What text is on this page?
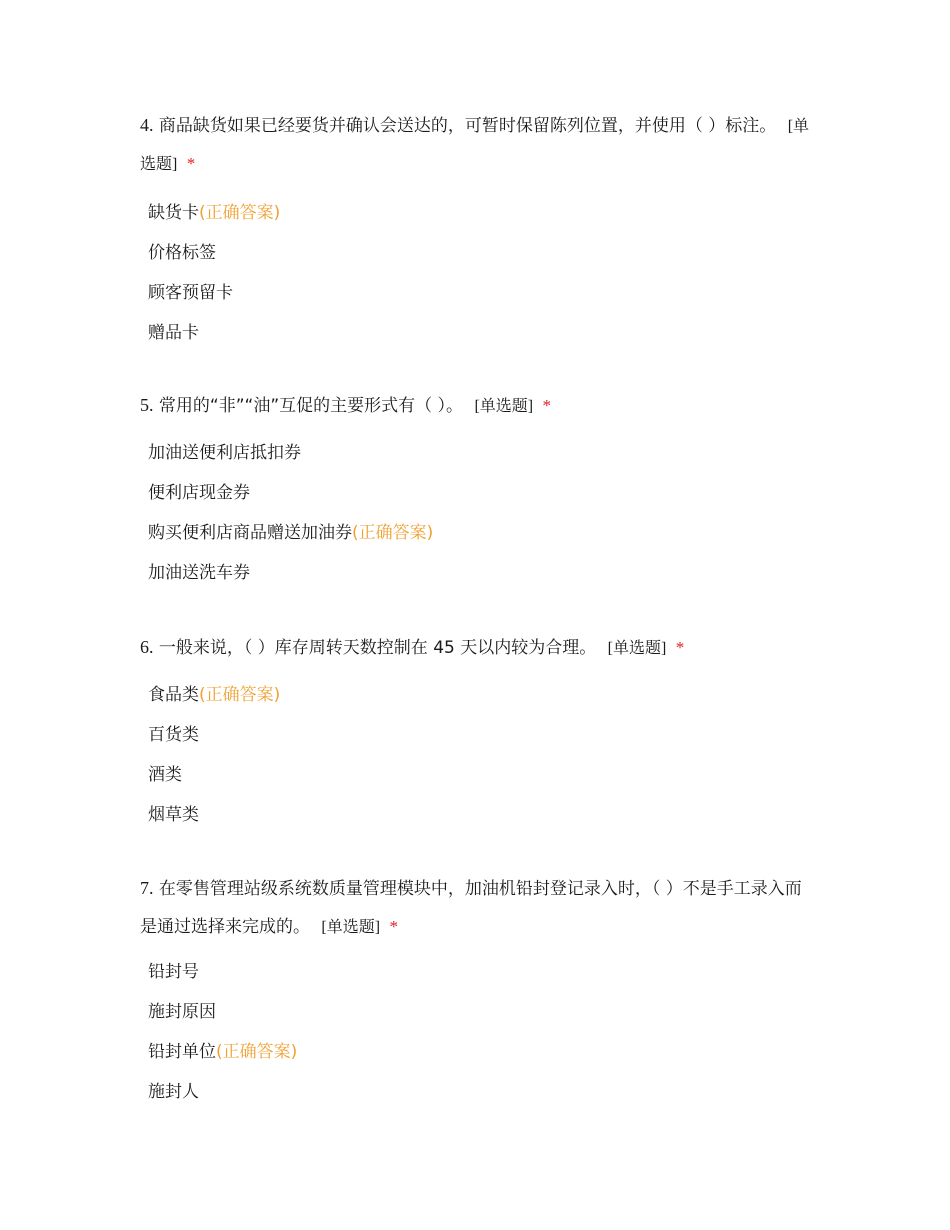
4. 商品缺货如果已经要货并确认会送达的，可暂时保留陈列位置，并使用（ ）标注。 [单选题] *

缺货卡(正确答案)
价格标签
顾客预留卡
赠品卡

5. 常用的“非”“油”互促的主要形式有（ ）。 [单选题] *

加油送便利店抵扣券
便利店现金券
购买便利店商品赠送加油券(正确答案)
加油送洗车券

6. 一般来说，（ ）库存周转天数控制在 45 天以内较为合理。 [单选题] *

食品类(正确答案)
百货类
酒类
烟草类

7. 在零售管理站级系统数质量管理模块中，加油机铅封登记录入时，（ ）不是手工录入而是通过选择来完成的。 [单选题] *

铅封号
施封原因
铅封单位(正确答案)
施封人
